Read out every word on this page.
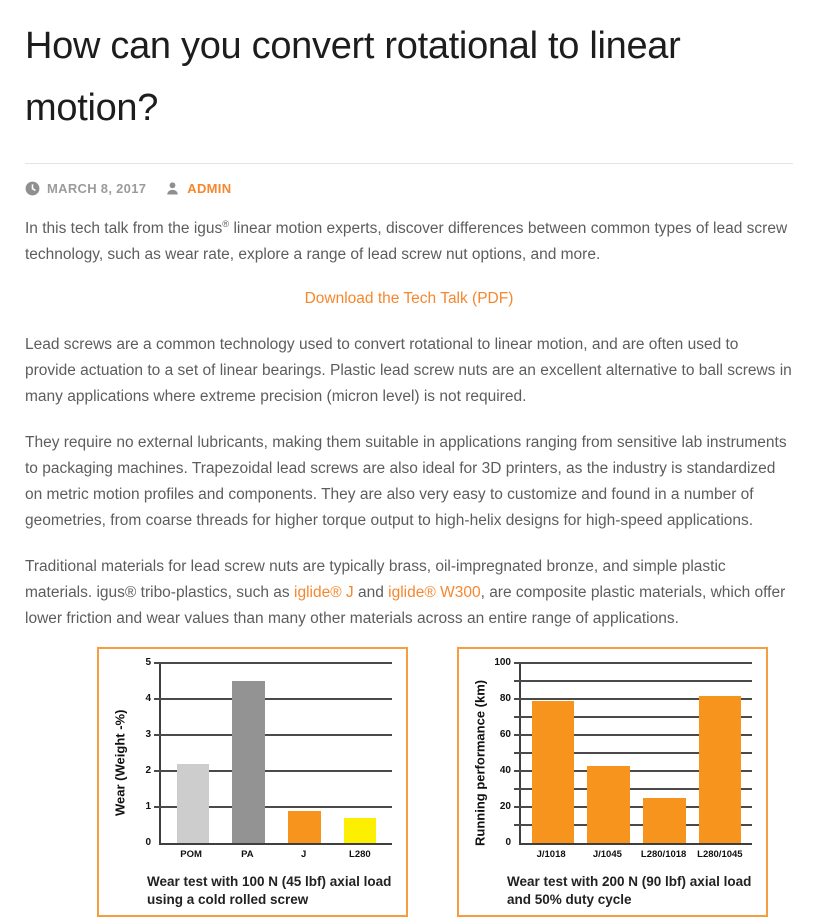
How can you convert rotational to linear motion?
MARCH 8, 2017	ADMIN

In this tech talk from the igus® linear motion experts, discover differences between common types of lead screw technology, such as wear rate, explore a range of lead screw nut options, and more.

Download the Tech Talk (PDF)

Lead screws are a common technology used to convert rotational to linear motion, and are often used to provide actuation to a set of linear bearings. Plastic lead screw nuts are an excellent alternative to ball screws in many applications where extreme precision (micron level) is not required.

They require no external lubricants, making them suitable in applications ranging from sensitive lab instruments to packaging machines. Trapezoidal lead screws are also ideal for 3D printers, as the industry is standardized on metric motion profiles and components. They are also very easy to customize and found in a number of geometries, from coarse threads for higher torque output to high-helix designs for high-speed applications.

Traditional materials for lead screw nuts are typically brass, oil-impregnated bronze, and simple plastic materials. igus® tribo-plastics, such as iglide® J and iglide® W300, are composite plastic materials, which offer lower friction and wear values than many other materials across an entire range of applications.

Wear (Weight -%)
0
1
2
3
4
5
POM	PA	J	L280
Wear test with 100 N (45 lbf) axial load using a cold rolled screw
Running performance (km)	0
20
40
60
80
100
J/1018	J/1045	L280/1018	L280/1045
Wear test with 200 N (90 lbf) axial load and 50% duty cycle
